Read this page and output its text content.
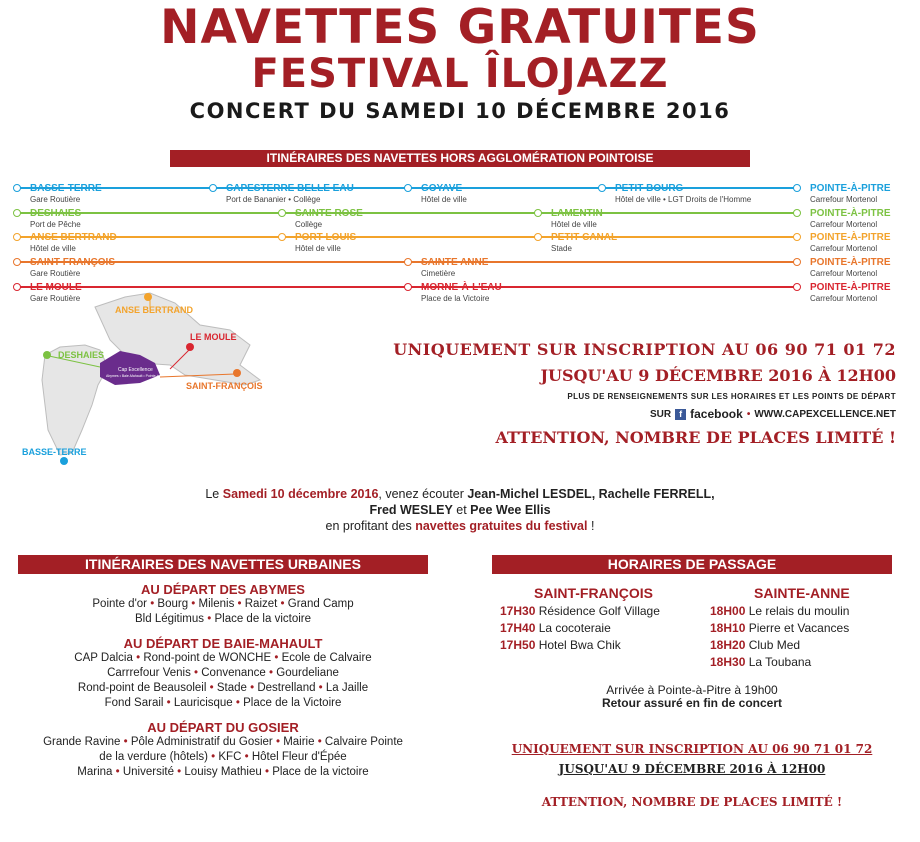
NAVETTES GRATUITES
FESTIVAL ÎLOJAZZ
CONCERT DU SAMEDI 10 DÉCEMBRE 2016
ITINÉRAIRES DES NAVETTES HORS AGGLOMÉRATION POINTOISE
BASSE-TERRE
Gare Routière
CAPESTERRE BELLE EAU
Port de Bananier • Collège
GOYAVE
Hôtel de ville
PETIT-BOURG
Hôtel de ville • LGT Droits de l'Homme
POINTE-À-PITRE
Carrefour Mortenol
DESHAIES
Port de Pêche
SAINTE ROSE
Collège
LAMENTIN
Hôtel de ville
POINTE-À-PITRE
Carrefour Mortenol
ANSE BERTRAND
Hôtel de ville
PORT LOUIS
Hôtel de ville
PETIT CANAL
Stade
POINTE-À-PITRE
Carrefour Mortenol
SAINT-FRANÇOIS
Gare Routière
SAINTE ANNE
Cimetière
POINTE-À-PITRE
Carrefour Mortenol
LE MOULE
Gare Routière
MORNE-À-L'EAU
Place de la Victoire
POINTE-À-PITRE
Carrefour Mortenol
Cap Excellence
Abymes • Baie-Mahault • Pointe-à-Pitre
ANSE BERTRAND
LE MOULE
DESHAIES
SAINT-FRANÇOIS
BASSE-TERRE
UNIQUEMENT SUR INSCRIPTION AU 06 90 71 01 72
JUSQU'AU 9 DÉCEMBRE 2016 À 12H00
PLUS DE RENSEIGNEMENTS SUR LES HORAIRES ET LES POINTS DE DÉPART
SUR f facebook • WWW.CAPEXCELLENCE.NET
ATTENTION, NOMBRE DE PLACES LIMITÉ !
Le Samedi 10 décembre 2016, venez écouter Jean-Michel LESDEL, Rachelle FERRELL, Fred WESLEY et Pee Wee Ellis
en profitant des navettes gratuites du festival !
ITINÉRAIRES DES NAVETTES URBAINES
AU DÉPART DES ABYMES
Pointe d'or • Bourg • Milenis • Raizet • Grand Camp
Bld Légitimus • Place de la victoire
AU DÉPART DE BAIE-MAHAULT
CAP Dalcia • Rond-point de WONCHE • Ecole de Calvaire
Carrrefour Venis • Convenance • Gourdeliane
Rond-point de Beausoleil • Stade • Destrelland • La Jaille
Fond Sarail • Lauricisque • Place de la Victoire
AU DÉPART DU GOSIER
Grande Ravine • Pôle Administratif du Gosier • Mairie • Calvaire Pointe
de la verdure (hôtels) • KFC • Hôtel Fleur d'Épée
Marina • Université • Louisy Mathieu • Place de la victoire
HORAIRES DE PASSAGE
SAINT-FRANÇOIS
17H30 Résidence Golf Village
17H40 La cocoteraie
17H50 Hotel Bwa Chik
SAINTE-ANNE
18H00 Le relais du moulin
18H10 Pierre et Vacances
18H20 Club Med
18H30 La Toubana
Arrivée à Pointe-à-Pitre à 19h00
Retour assuré en fin de concert
UNIQUEMENT SUR INSCRIPTION AU 06 90 71 01 72
JUSQU'AU 9 DÉCEMBRE 2016 À 12H00
ATTENTION, NOMBRE DE PLACES LIMITÉ !
